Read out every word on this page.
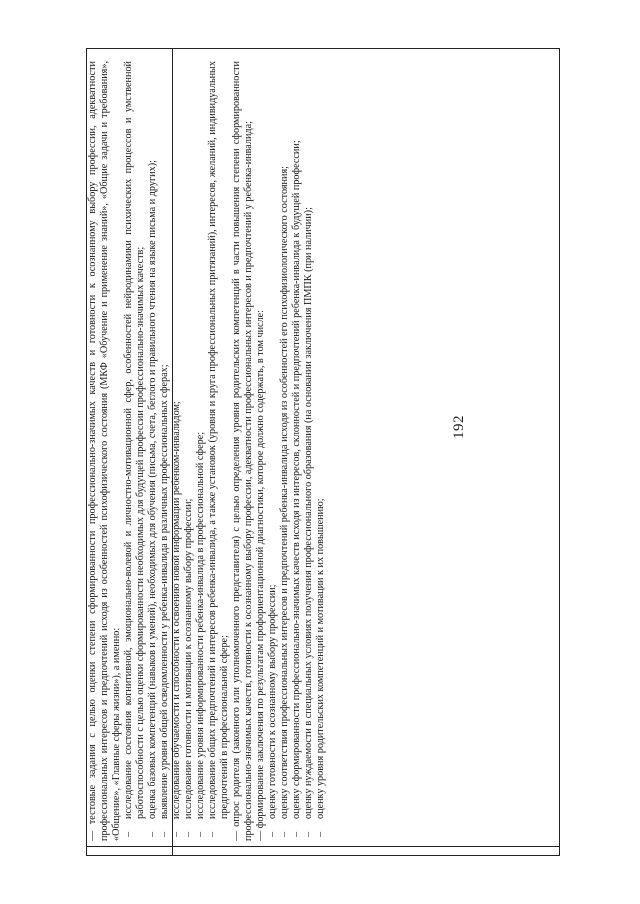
192

— тестовые задания с целью оценки степени сформированности профессионально-значимых качеств и готовности к осознанному выбору профессии, адекватности профессиональных интересов и предпочтений исходя из особенностей психофизического состояния (МКФ «Обучение и применение знаний», «Общие задачи и требования», «Общение», «Главные сферы жизни»), а именно: –
исследование состояния когнитивной, эмоционально-волевой и личностно-мотивационной сфер, особенностей нейродинамики психических процессов и умственной работоспособности с целью оценки сформированности необходимых для будущей профессии профессионально-значимых качеств;
–
оценка базовых компетенций (навыков и умений), необходимых для обучения (письма, счета, беглого и правильного чтения на языке письма и других);
–
выявление уровня общей осведомленности у ребенка-инвалида в различных профессиональных сферах;
–
исследование обучаемости и способности к освоению новой информации ребенком-инвалидом;
–
исследование готовности и мотивации к осознанному выбору профессии;
–
исследование уровня информированности ребенка-инвалида в профессиональной сфере;
–
исследование общих предпочтений и интересов ребенка-инвалида, а также установок (уровня и круга профессиональных притязаний), интересов, желаний, индивидуальных предпочтений в профессиональной сфере; — опрос родителя (законного или уполномоченного представителя) с целью определения уровня родительских компетенций в части повышения степени сформированности профессионально-значимых качеств, готовности к осознанному выбору профессии, адекватности профессиональных интересов и предпочтений у ребенка-инвалида; — формирование заключения по результатам профориентационной диагностики, которое должно содержать, в том числе: –
оценку готовности к осознанному выбору профессии;
–
оценку соответствия профессиональных интересов и предпочтений ребенка-инвалида исходя из особенностей его психофизиологического состояния;
–
оценку сформированности профессионально-значимых качеств исходя из интересов, склонностей и предпочтений ребенка-инвалида к будущей профессии;
–
оценку нуждаемости в специальных условиях получения профессионального образования (на основании заключения ПМПК (при наличии);
–
оценку уровня родительских компетенций и мотивации к их повышению;
